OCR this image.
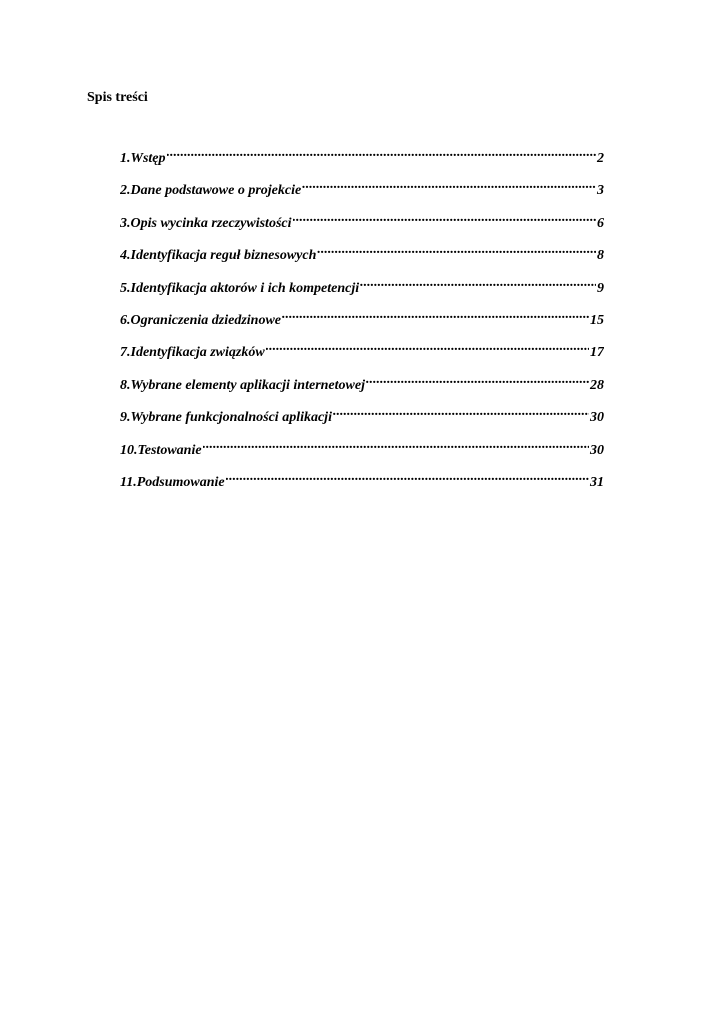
Spis treści
1.Wstęp .....	2
2.Dane podstawowe o projekcie .....	3
3.Opis wycinka rzeczywistości .....	6
4.Identyfikacja reguł biznesowych .....	8
5.Identyfikacja aktorów i ich kompetencji .....	9
6.Ograniczenia dziedzinowe .....	15
7.Identyfikacja związków .....	17
8.Wybrane elementy aplikacji internetowej .....	28
9.Wybrane funkcjonalności aplikacji .....	30
10.Testowanie .....	30
11.Podsumowanie .....	31
